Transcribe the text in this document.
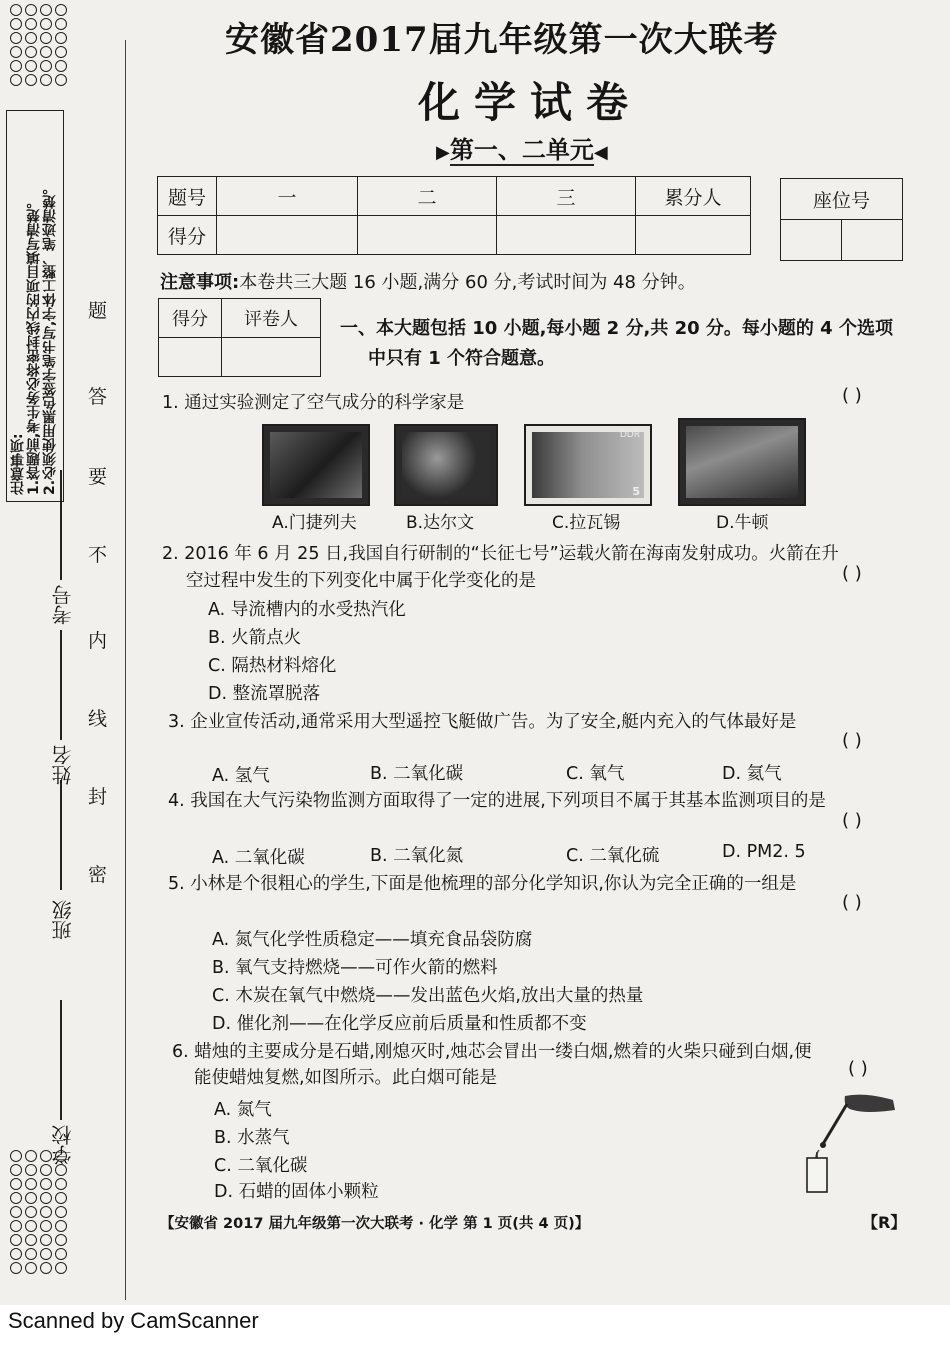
注意事项:
1.答题前,考生务必将密封线内的项目填写清楚。
2.必须使用黑色签字笔书写,字体工整、笔迹清楚。
学校
班级
姓名
考号
密
封
线
内
不
要
答
题
安徽省2017届九年级第一次大联考
化学试卷
▶第一、二单元◀
题号	一	二	三	累分人
得分				
座位号

注意事项:本卷共三大题 16 小题,满分 60 分,考试时间为 48 分钟。
得分	评卷人
	一、本大题包括 10 小题,每小题 2 分,共 20 分。每小题的 4 个选项
中只有 1 个符合题意。
1. 通过实验测定了空气成分的科学家是	( )
DDR
5
A.门捷列夫	B.达尔文	C.拉瓦锡	D.牛顿
2. 2016 年 6 月 25 日,我国自行研制的“长征七号”运载火箭在海南发射成功。火箭在升
空过程中发生的下列变化中属于化学变化的是	( )
A. 导流槽内的水受热汽化
B. 火箭点火
C. 隔热材料熔化
D. 整流罩脱落
3. 企业宣传活动,通常采用大型遥控飞艇做广告。为了安全,艇内充入的气体最好是
( )
A. 氢气	B. 二氧化碳	C. 氧气	D. 氦气
4. 我国在大气污染物监测方面取得了一定的进展,下列项目不属于其基本监测项目的是
( )
A. 二氧化碳	B. 二氧化氮	C. 二氧化硫	D. PM2. 5
5. 小林是个很粗心的学生,下面是他梳理的部分化学知识,你认为完全正确的一组是
( )
A. 氮气化学性质稳定——填充食品袋防腐
B. 氧气支持燃烧——可作火箭的燃料
C. 木炭在氧气中燃烧——发出蓝色火焰,放出大量的热量
D. 催化剂——在化学反应前后质量和性质都不变
6. 蜡烛的主要成分是石蜡,刚熄灭时,烛芯会冒出一缕白烟,燃着的火柴只碰到白烟,便
能使蜡烛复燃,如图所示。此白烟可能是	( )
A. 氮气
B. 水蒸气
C. 二氧化碳
D. 石蜡的固体小颗粒
【安徽省 2017 届九年级第一次大联考 · 化学 第 1 页(共 4 页)】	【R】
Scanned by CamScanner
